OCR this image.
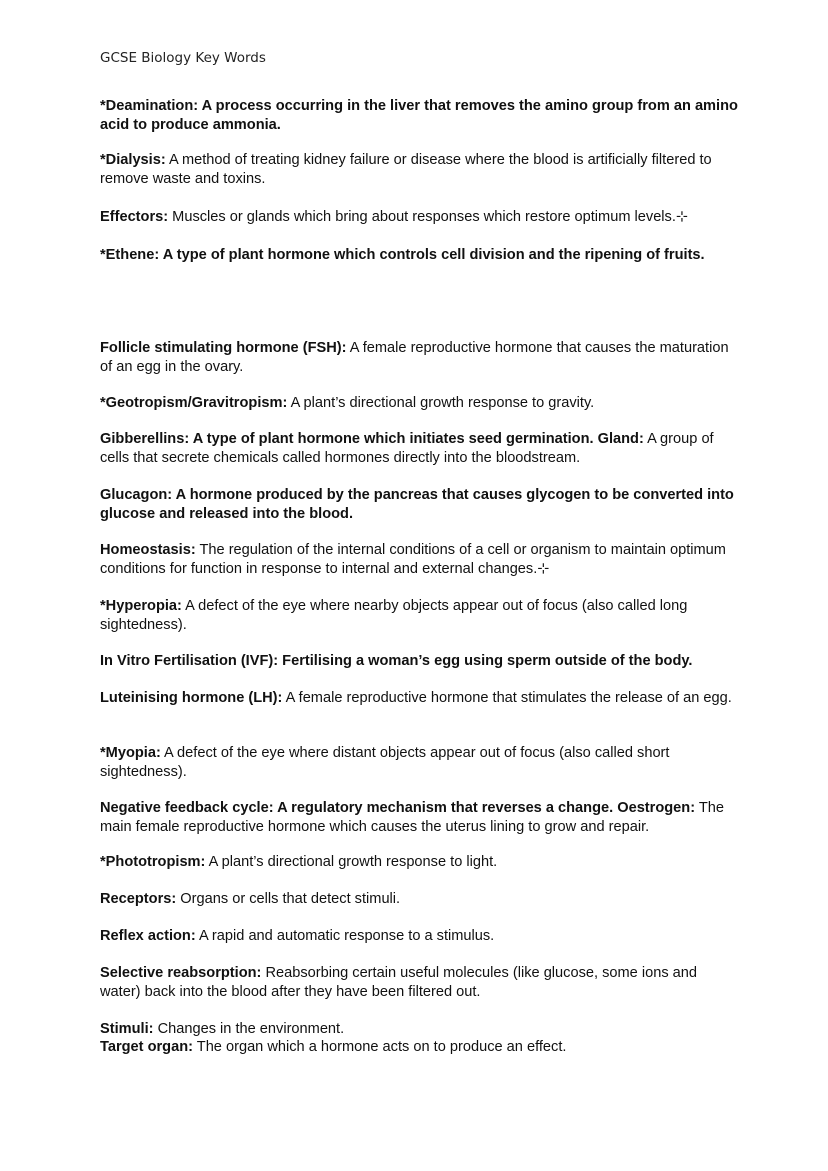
GCSE Biology Key Words

*Deamination: A process occurring in the liver that removes the amino group from an amino acid to produce ammonia.

*Dialysis: A method of treating kidney failure or disease where the blood is artificially filtered to remove waste and toxins.

Effectors: Muscles or glands which bring about responses which restore optimum levels.⊹

*Ethene: A type of plant hormone which controls cell division and the ripening of fruits.

Follicle stimulating hormone (FSH): A female reproductive hormone that causes the maturation of an egg in the ovary.

*Geotropism/Gravitropism: A plant’s directional growth response to gravity.

Gibberellins: A type of plant hormone which initiates seed germination. Gland: A group of cells that secrete chemicals called hormones directly into the bloodstream.

Glucagon: A hormone produced by the pancreas that causes glycogen to be converted into glucose and released into the blood.

Homeostasis: The regulation of the internal conditions of a cell or organism to maintain optimum conditions for function in response to internal and external changes.⊹

*Hyperopia: A defect of the eye where nearby objects appear out of focus (also called long sightedness).

In Vitro Fertilisation (IVF): Fertilising a woman’s egg using sperm outside of the body.

Luteinising hormone (LH): A female reproductive hormone that stimulates the release of an egg.

*Myopia: A defect of the eye where distant objects appear out of focus (also called short sightedness).

Negative feedback cycle: A regulatory mechanism that reverses a change. Oestrogen: The main female reproductive hormone which causes the uterus lining to grow and repair.

*Phototropism: A plant’s directional growth response to light.

Receptors: Organs or cells that detect stimuli.

Reflex action: A rapid and automatic response to a stimulus.

Selective reabsorption: Reabsorbing certain useful molecules (like glucose, some ions and water) back into the blood after they have been filtered out.

Stimuli: Changes in the environment.

Target organ: The organ which a hormone acts on to produce an effect.
